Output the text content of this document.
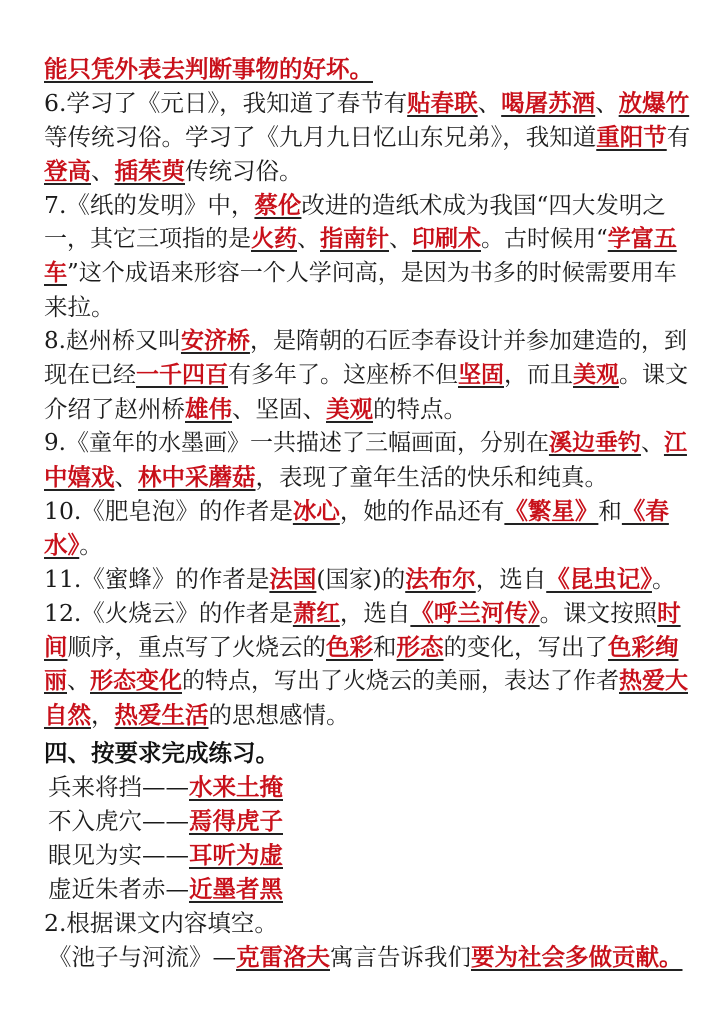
能只凭外表去判断事物的好坏。
6.学习了《元日》，我知道了春节有贴春联、喝屠苏酒、放爆竹
等传统习俗。学习了《九月九日忆山东兄弟》，我知道重阳节有
登高、插茱萸传统习俗。
7.《纸的发明》中，蔡伦改进的造纸术成为我国“四大发明之
一，其它三项指的是火药、指南针、印刷术。古时候用“学富五
车”这个成语来形容一个人学问高，是因为书多的时候需要用车
来拉。
8.赵州桥又叫安济桥，是隋朝的石匠李春设计并参加建造的，到
现在已经一千四百有多年了。这座桥不但坚固，而且美观。课文
介绍了赵州桥雄伟、坚固、美观的特点。
9.《童年的水墨画》一共描述了三幅画面，分别在溪边垂钓、江
中嬉戏、林中采蘑菇，表现了童年生活的快乐和纯真。
10.《肥皂泡》的作者是冰心，她的作品还有《繁星》和《春
水》。
11.《蜜蜂》的作者是法国(国家)的法布尔，选自《昆虫记》。
12.《火烧云》的作者是萧红，选自《呼兰河传》。课文按照时
间顺序，重点写了火烧云的色彩和形态的变化，写出了色彩绚
丽、形态变化的特点，写出了火烧云的美丽，表达了作者热爱大
自然，热爱生活的思想感情。
四、按要求完成练习。
兵来将挡——水来土掩
不入虎穴——焉得虎子
眼见为实——耳听为虚
虚近朱者赤—近墨者黑
2.根据课文内容填空。
《池子与河流》—克雷洛夫寓言告诉我们要为社会多做贡献。
